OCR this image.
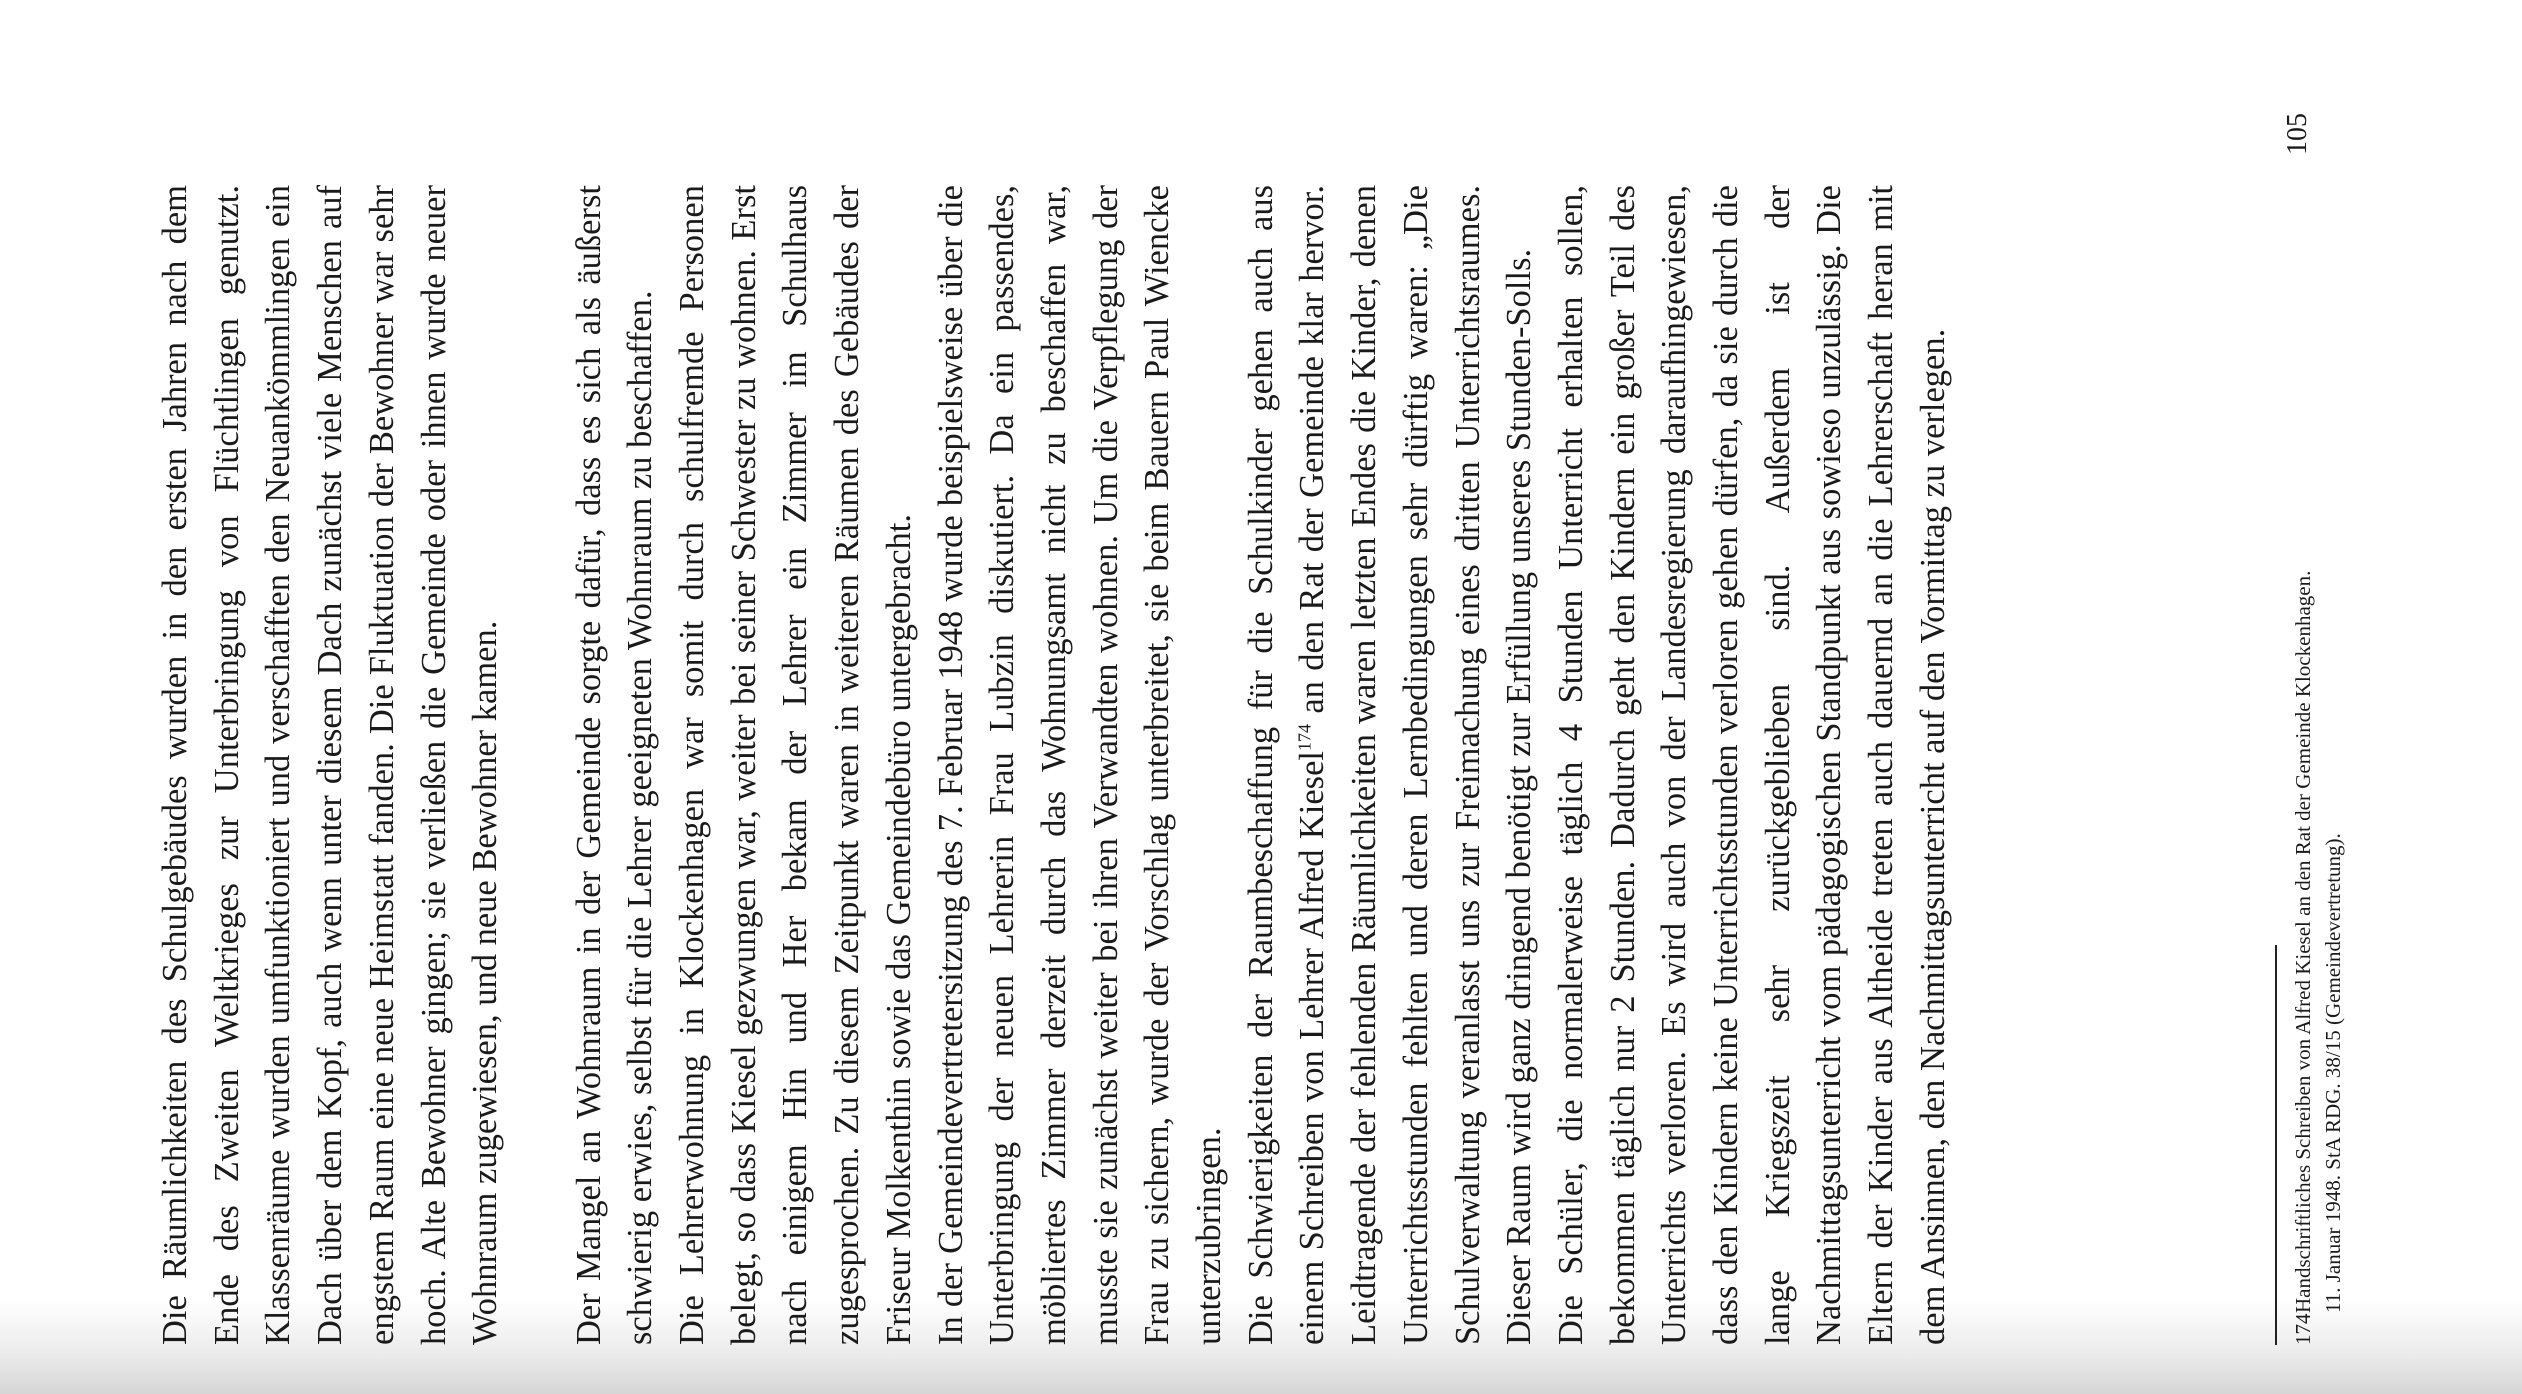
Die Räumlichkeiten des Schulgebäudes wurden in den ersten Jahren nach dem Ende des Zweiten Weltkrieges zur Unterbringung von Flüchtlingen genutzt. Klassenräume wurden umfunktioniert und verschafften den Neuankömmlingen ein Dach über dem Kopf, auch wenn unter diesem Dach zunächst viele Menschen auf engstem Raum eine neue Heimstatt fanden. Die Fluktuation der Bewohner war sehr hoch. Alte Bewohner gingen; sie verließen die Gemeinde oder ihnen wurde neuer Wohnraum zugewiesen, und neue Bewohner kamen. Der Mangel an Wohnraum in der Gemeinde sorgte dafür, dass es sich als äußerst schwierig erwies, selbst für die Lehrer geeigneten Wohnraum zu beschaffen. Die Lehrerwohnung in Klockenhagen war somit durch schulfremde Personen belegt, so dass Kiesel gezwungen war, weiter bei seiner Schwester zu wohnen. Erst nach einigem Hin und Her bekam der Lehrer ein Zimmer im Schulhaus zugesprochen. Zu diesem Zeitpunkt waren in weiteren Räumen des Gebäudes der Friseur Molkenthin sowie das Gemeindebüro untergebracht. In der Gemeindevertretersitzung des 7. Februar 1948 wurde beispielsweise über die Unterbringung der neuen Lehrerin Frau Lubzin diskutiert. Da ein passendes, möbliertes Zimmer derzeit durch das Wohnungsamt nicht zu beschaffen war, musste sie zunächst weiter bei ihren Verwandten wohnen. Um die Verpflegung der Frau zu sichern, wurde der Vorschlag unterbreitet, sie beim Bauern Paul Wiencke unterzubringen. Die Schwierigkeiten der Raumbeschaffung für die Schulkinder gehen auch aus einem Schreiben von Lehrer Alfred Kiesel$^{174}$ an den Rat der Gemeinde klar hervor. Leidtragende der fehlenden Räumlichkeiten waren letzten Endes die Kinder, denen Unterrichtsstunden fehlten und deren Lernbedingungen sehr dürftig waren: „Die Schulverwaltung veranlasst uns zur Freimachung eines dritten Unterrichtsraumes. Dieser Raum wird ganz dringend benötigt zur Erfüllung unseres Stunden-Solls. Die Schüler, die normalerweise täglich 4 Stunden Unterricht erhalten sollen, bekommen täglich nur 2 Stunden. Dadurch geht den Kindern ein großer Teil des Unterrichts verloren. Es wird auch von der Landesregierung daraufhingewiesen, dass den Kindern keine Unterrichtsstunden verloren gehen dürfen, da sie durch die lange Kriegszeit sehr zurückgeblieben sind. Außerdem ist der Nachmittagsunterricht vom pädagogischen Standpunkt aus sowieso unzulässig. Die Eltern der Kinder aus Altheide treten auch dauernd an die Lehrerschaft heran mit dem Ansinnen, den Nachmittagsunterricht auf den Vormittag zu verlegen.	174Handschriftliches Schreiben von Alfred Kiesel an den Rat der Gemeinde Klockenhagen. 11. Januar 1948. StA RDG. 38/15 (Gemeindevertretung).
105
